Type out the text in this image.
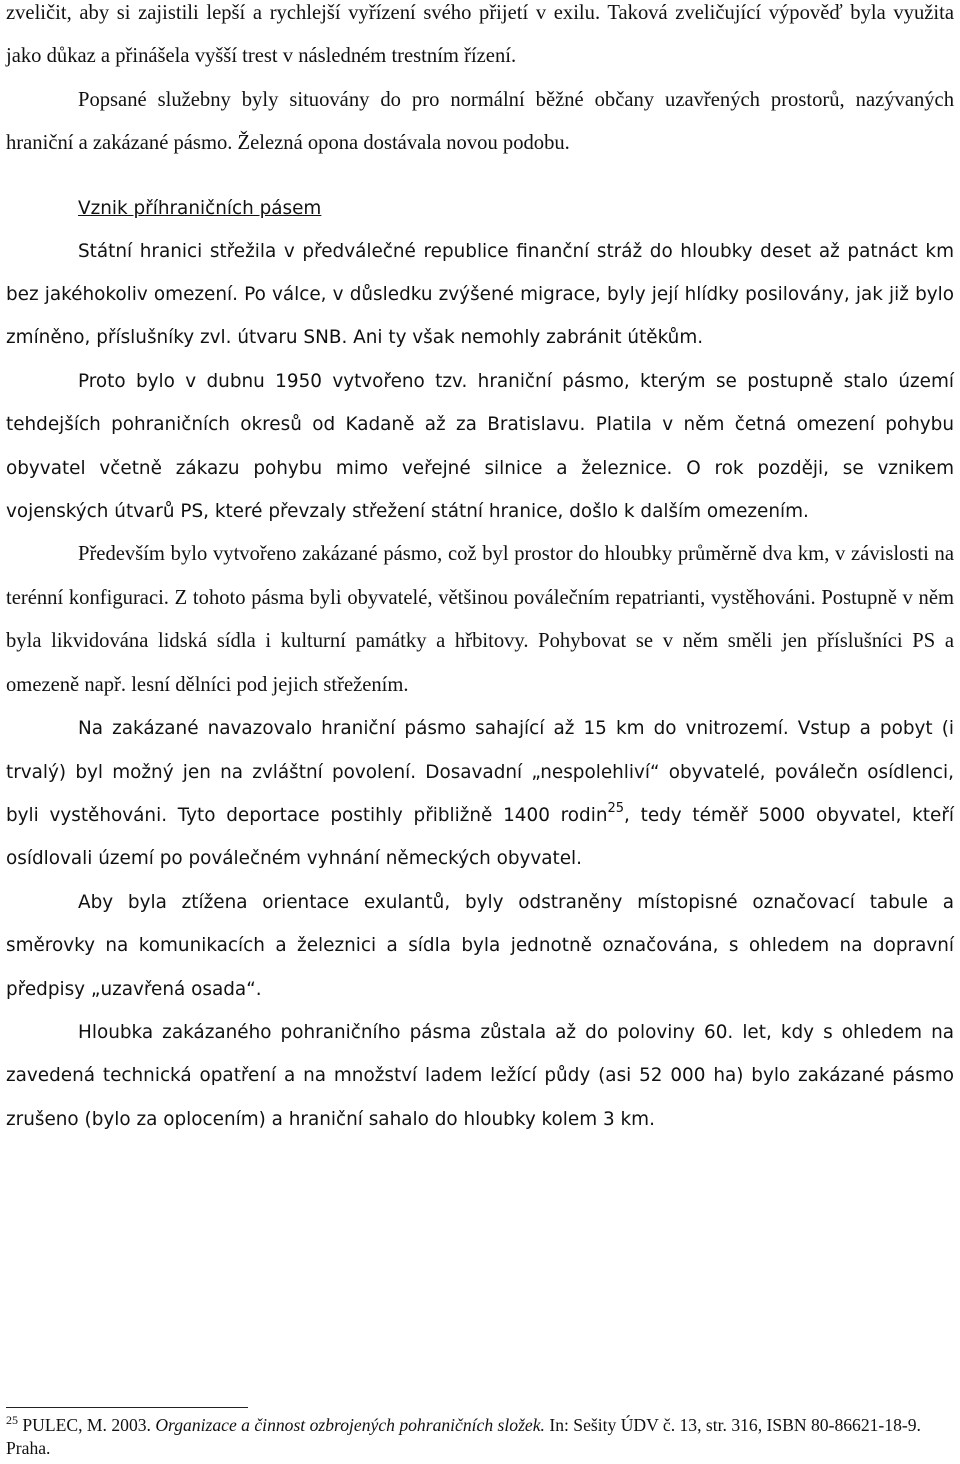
zveličit, aby si zajistili lepší a rychlejší vyřízení svého přijetí v exilu. Taková zveličující výpověď byla využita jako důkaz a přinášela vyšší trest v následném trestním řízení.

Popsané služebny byly situovány do pro normální běžné občany uzavřených prostorů, nazývaných hraniční a zakázané pásmo. Železná opona dostávala novou podobu.

Vznik příhraničních pásem

Státní hranici střežila v předválečné republice finanční stráž do hloubky deset až patnáct km bez jakéhokoliv omezení. Po válce, v důsledku zvýšené migrace, byly její hlídky posilovány, jak již bylo zmíněno, příslušníky zvl. útvaru SNB. Ani ty však nemohly zabránit útěkům.

Proto bylo v dubnu 1950 vytvořeno tzv. hraniční pásmo, kterým se postupně stalo území tehdejších pohraničních okresů od Kadaně až za Bratislavu. Platila v něm četná omezení pohybu obyvatel včetně zákazu pohybu mimo veřejné silnice a železnice. O rok později, se vznikem vojenských útvarů PS, které převzaly střežení státní hranice, došlo k dalším omezením.

Především bylo vytvořeno zakázané pásmo, což byl prostor do hloubky průměrně dva km, v závislosti na terénní konfiguraci. Z tohoto pásma byli obyvatelé, většinou poválečním repatrianti, vystěhováni. Postupně v něm byla likvidována lidská sídla i kulturní památky a hřbitovy. Pohybovat se v něm směli jen příslušníci PS a omezeně např. lesní dělníci pod jejich střežením.

Na zakázané navazovalo hraniční pásmo sahající až 15 km do vnitrozemí. Vstup a pobyt (i trvalý) byl možný jen na zvláštní povolení. Dosavadní „nespolehliví“ obyvatelé, poválečn osídlenci, byli vystěhováni. Tyto deportace postihly přibližně 1400 rodin$^{25}$, tedy téměř 5000 obyvatel, kteří osídlovali území po poválečném vyhnání německých obyvatel.

Aby byla ztížena orientace exulantů, byly odstraněny místopisné označovací tabule a směrovky na komunikacích a železnici a sídla byla jednotně označována, s ohledem na dopravní předpisy „uzavřená osada“.

Hloubka zakázaného pohraničního pásma zůstala až do poloviny 60. let, kdy s ohledem na zavedená technická opatření a na množství ladem ležící půdy (asi 52 000 ha) bylo zakázané pásmo zrušeno (bylo za oplocením) a hraniční sahalo do hloubky kolem 3 km.

$^{25}$ PULEC, M. 2003. Organizace a činnost ozbrojených pohraničních složek. In: Sešity ÚDV č. 13, str. 316, ISBN 80-86621-18-9. Praha.
